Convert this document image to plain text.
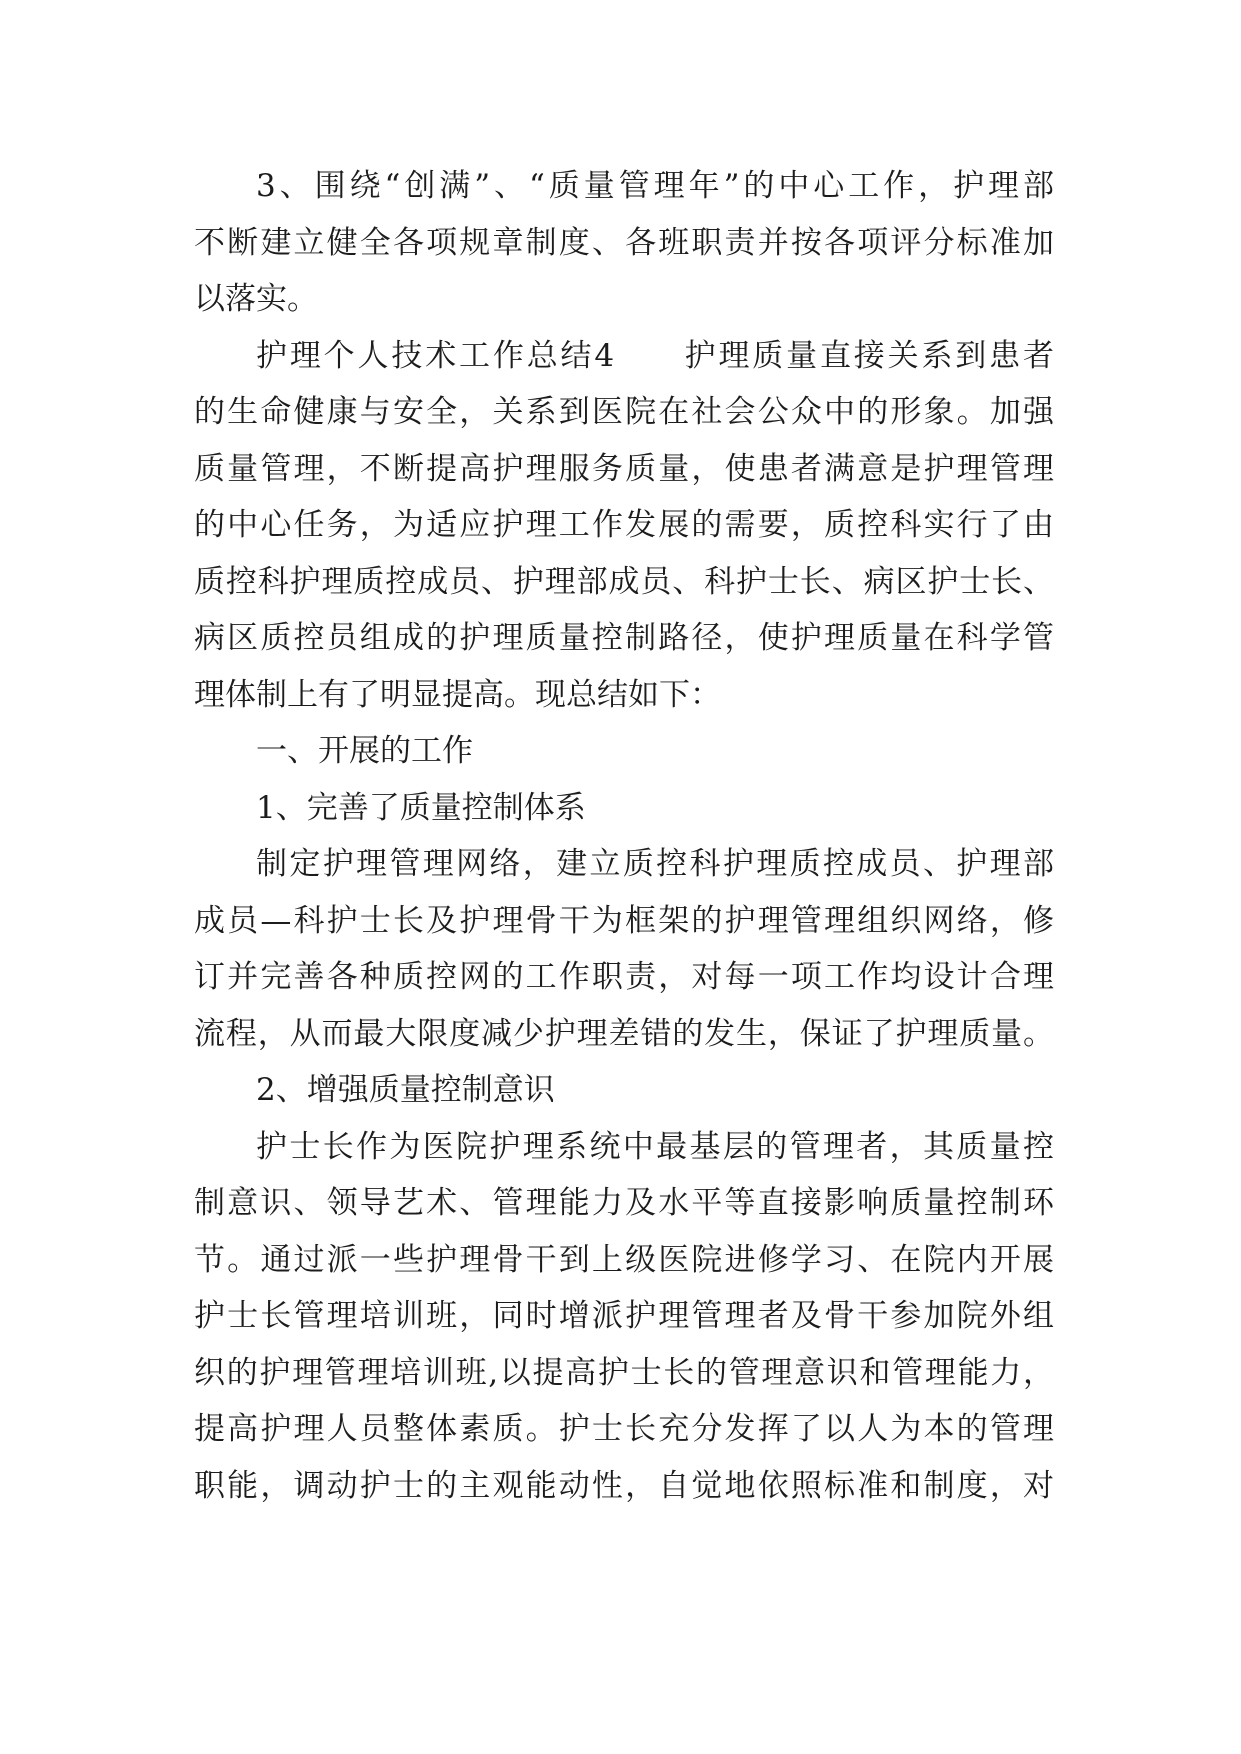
3、围绕“创满”、“质量管理年”的中心工作，护理部
不断建立健全各项规章制度、各班职责并按各项评分标准加
以落实。
护理个人技术工作总结4　　护理质量直接关系到患者
的生命健康与安全，关系到医院在社会公众中的形象。加强
质量管理，不断提高护理服务质量，使患者满意是护理管理
的中心任务，为适应护理工作发展的需要，质控科实行了由
质控科护理质控成员、护理部成员、科护士长、病区护士长、
病区质控员组成的护理质量控制路径，使护理质量在科学管
理体制上有了明显提高。现总结如下：
一、开展的工作
1、完善了质量控制体系
制定护理管理网络，建立质控科护理质控成员、护理部
成员—科护士长及护理骨干为框架的护理管理组织网络，修
订并完善各种质控网的工作职责，对每一项工作均设计合理
流程，从而最大限度减少护理差错的发生，保证了护理质量。
2、增强质量控制意识
护士长作为医院护理系统中最基层的管理者，其质量控
制意识、领导艺术、管理能力及水平等直接影响质量控制环
节。通过派一些护理骨干到上级医院进修学习、在院内开展
护士长管理培训班，同时增派护理管理者及骨干参加院外组
织的护理管理培训班,以提高护士长的管理意识和管理能力，
提高护理人员整体素质。护士长充分发挥了以人为本的管理
职能，调动护士的主观能动性，自觉地依照标准和制度，对
